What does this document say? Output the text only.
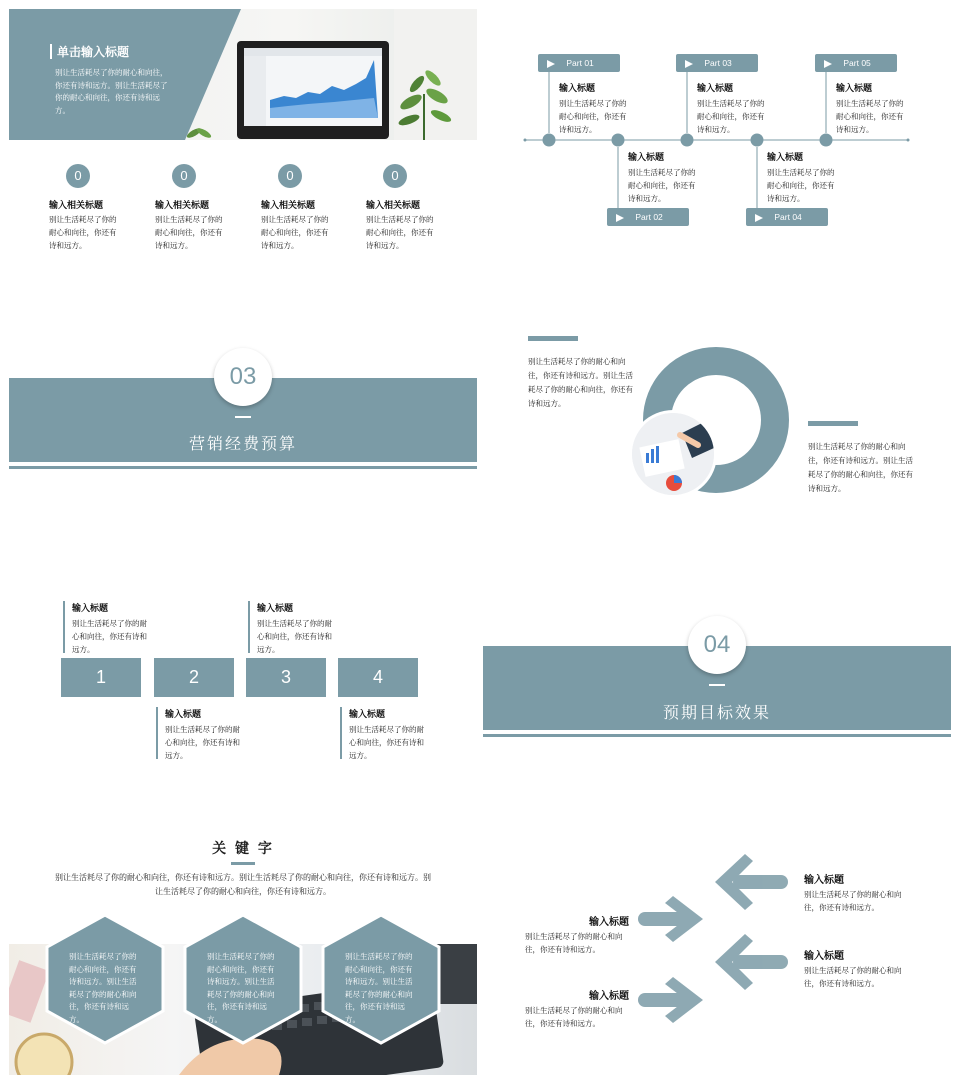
单击输入标题
别让生活耗尽了你的耐心和向往，你还有诗和远方。别让生活耗尽了你的耐心和向往，你还有诗和远方。
0
输入相关标题
别让生活耗尽了你的耐心和向往，你还有诗和远方。
0
输入相关标题
别让生活耗尽了你的耐心和向往，你还有诗和远方。
0
输入相关标题
别让生活耗尽了你的耐心和向往，你还有诗和远方。
0
输入相关标题
别让生活耗尽了你的耐心和向往，你还有诗和远方。
Part 01
Part 02
Part 03
Part 04
Part 05
输入标题
别让生活耗尽了你的耐心和向往，你还有诗和远方。
输入标题
别让生活耗尽了你的耐心和向往，你还有诗和远方。
输入标题
别让生活耗尽了你的耐心和向往，你还有诗和远方。
输入标题
别让生活耗尽了你的耐心和向往，你还有诗和远方。
输入标题
别让生活耗尽了你的耐心和向往，你还有诗和远方。
03
营销经费预算
别让生活耗尽了你的耐心和向往，你还有诗和远方。别让生活耗尽了你的耐心和向往，你还有诗和远方。
别让生活耗尽了你的耐心和向往，你还有诗和远方。别让生活耗尽了你的耐心和向往，你还有诗和远方。
1	2	3	4
输入标题
别让生活耗尽了你的耐心和向往，你还有诗和远方。
输入标题
别让生活耗尽了你的耐心和向往，你还有诗和远方。
输入标题
别让生活耗尽了你的耐心和向往，你还有诗和远方。
输入标题
别让生活耗尽了你的耐心和向往，你还有诗和远方。
04
预期目标效果
关 键 字
别让生活耗尽了你的耐心和向往，你还有诗和远方。别让生活耗尽了你的耐心和向往，你还有诗和远方。别让生活耗尽了你的耐心和向往，你还有诗和远方。
别让生活耗尽了你的耐心和向往，你还有诗和远方。别让生活耗尽了你的耐心和向往，你还有诗和远方。
别让生活耗尽了你的耐心和向往，你还有诗和远方。别让生活耗尽了你的耐心和向往，你还有诗和远方。
别让生活耗尽了你的耐心和向往，你还有诗和远方。别让生活耗尽了你的耐心和向往，你还有诗和远方。
输入标题
别让生活耗尽了你的耐心和向往，你还有诗和远方。
输入标题
别让生活耗尽了你的耐心和向往，你还有诗和远方。
输入标题
别让生活耗尽了你的耐心和向往，你还有诗和远方。
输入标题
别让生活耗尽了你的耐心和向往，你还有诗和远方。
